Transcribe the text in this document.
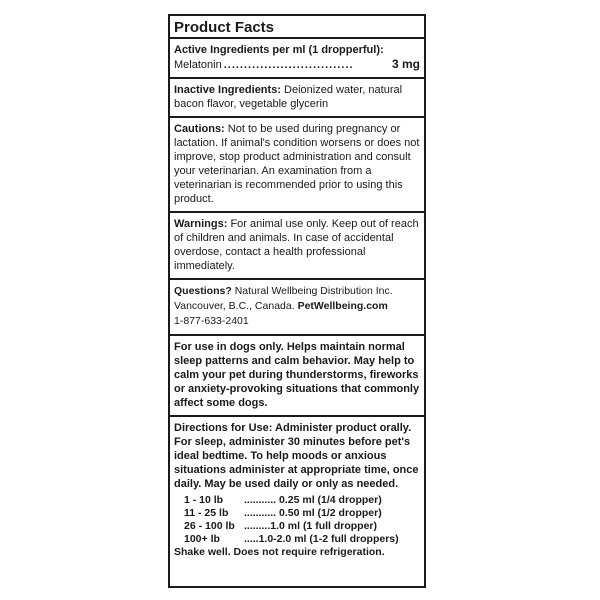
Product Facts
Active Ingredients per ml (1 dropperful):
Melatonin ................................	3 mg
Inactive Ingredients: Deionized water, natural bacon flavor, vegetable glycerin
Cautions: Not to be used during pregnancy or lactation. If animal's condition worsens or does not improve, stop product administration and consult your veterinarian. An examination from a veterinarian is recommended prior to using this product.
Warnings: For animal use only. Keep out of reach of children and animals. In case of accidental overdose, contact a health professional immediately.
Questions? Natural Wellbeing Distribution Inc.
Vancouver, B.C., Canada. PetWellbeing.com
1-877-633-2401
For use in dogs only. Helps maintain normal sleep patterns and calm behavior. May help to calm your pet during thunderstorms, fireworks or anxiety-provoking situations that commonly affect some dogs.
Directions for Use: Administer product orally. For sleep, administer 30 minutes before pet's ideal bedtime. To help moods or anxious situations administer at appropriate time, once daily. May be used daily or only as needed.
1 - 10 lb	........... 0.25 ml (1/4 dropper)
11 - 25 lb	........... 0.50 ml (1/2 dropper)
26 - 100 lb .........1.0 ml (1 full dropper)
100+ lb	.....1.0-2.0 ml (1-2 full droppers)
Shake well. Does not require refrigeration.
